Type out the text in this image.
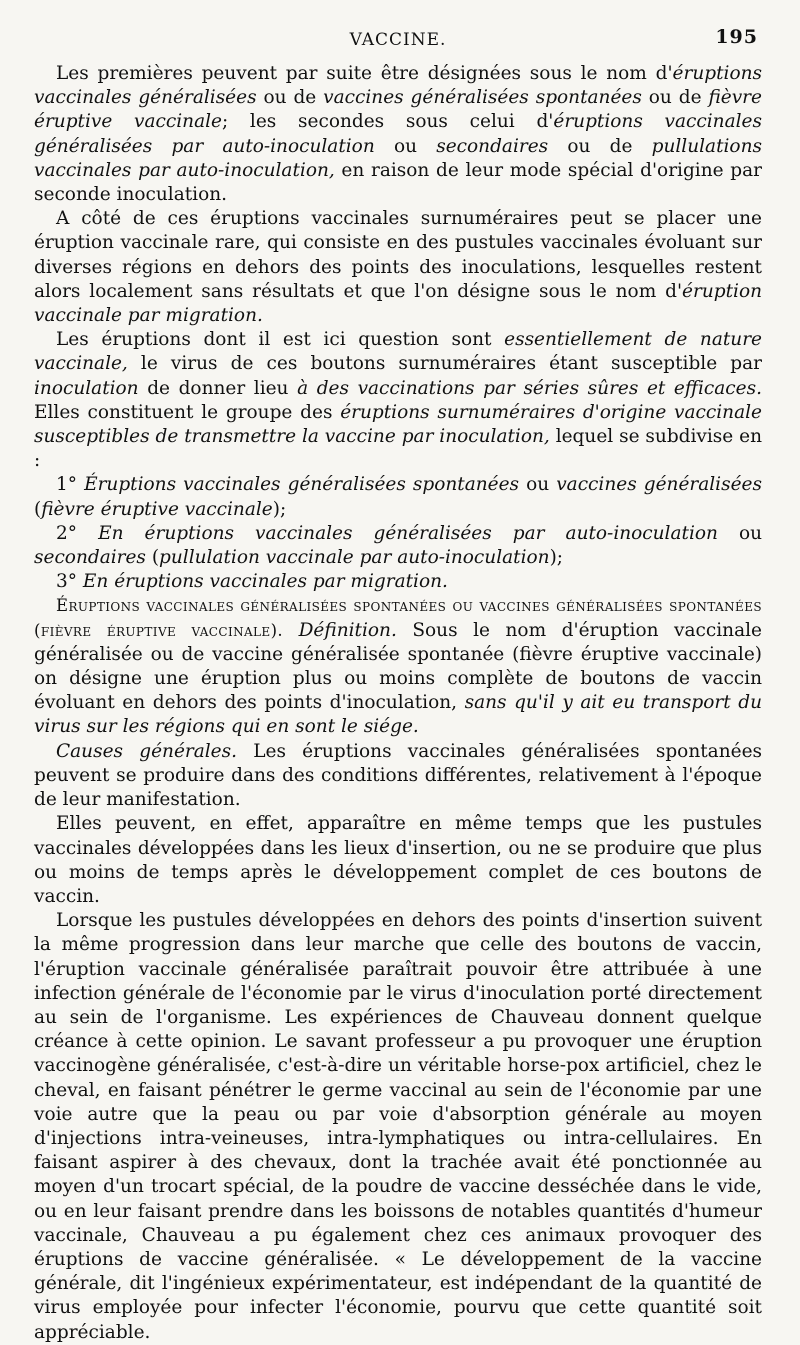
VACCINE.	195

Les premières peuvent par suite être désignées sous le nom d'éruptions vaccinales généralisées ou de vaccines généralisées spontanées ou de fièvre éruptive vaccinale; les secondes sous celui d'éruptions vaccinales généralisées par auto-inoculation ou secondaires ou de pullulations vaccinales par auto-inoculation, en raison de leur mode spécial d'origine par seconde inoculation.

A côté de ces éruptions vaccinales surnuméraires peut se placer une éruption vaccinale rare, qui consiste en des pustules vaccinales évoluant sur diverses régions en dehors des points des inoculations, lesquelles restent alors localement sans résultats et que l'on désigne sous le nom d'éruption vaccinale par migration.

Les éruptions dont il est ici question sont essentiellement de nature vaccinale, le virus de ces boutons surnuméraires étant susceptible par inoculation de donner lieu à des vaccinations par séries sûres et efficaces. Elles constituent le groupe des éruptions surnuméraires d'origine vaccinale susceptibles de transmettre la vaccine par inoculation, lequel se subdivise en :

1° Éruptions vaccinales généralisées spontanées ou vaccines généralisées (fièvre éruptive vaccinale);

2° En éruptions vaccinales généralisées par auto-inoculation ou secondaires (pullulation vaccinale par auto-inoculation);

3° En éruptions vaccinales par migration.

Éruptions vaccinales généralisées spontanées ou vaccines généralisées spontanées (fièvre éruptive vaccinale). Définition. Sous le nom d'éruption vaccinale généralisée ou de vaccine généralisée spontanée (fièvre éruptive vaccinale) on désigne une éruption plus ou moins complète de boutons de vaccin évoluant en dehors des points d'inoculation, sans qu'il y ait eu transport du virus sur les régions qui en sont le siége.

Causes générales. Les éruptions vaccinales généralisées spontanées peuvent se produire dans des conditions différentes, relativement à l'époque de leur manifestation.

Elles peuvent, en effet, apparaître en même temps que les pustules vaccinales développées dans les lieux d'insertion, ou ne se produire que plus ou moins de temps après le développement complet de ces boutons de vaccin.

Lorsque les pustules développées en dehors des points d'insertion suivent la même progression dans leur marche que celle des boutons de vaccin, l'éruption vaccinale généralisée paraîtrait pouvoir être attribuée à une infection générale de l'économie par le virus d'inoculation porté directement au sein de l'organisme. Les expériences de Chauveau donnent quelque créance à cette opinion. Le savant professeur a pu provoquer une éruption vaccinogène généralisée, c'est-à-dire un véritable horse-pox artificiel, chez le cheval, en faisant pénétrer le germe vaccinal au sein de l'économie par une voie autre que la peau ou par voie d'absorption générale au moyen d'injections intra-veineuses, intra-lymphatiques ou intra-cellulaires. En faisant aspirer à des chevaux, dont la trachée avait été ponctionnée au moyen d'un trocart spécial, de la poudre de vaccine desséchée dans le vide, ou en leur faisant prendre dans les boissons de notables quantités d'humeur vaccinale, Chauveau a pu également chez ces animaux provoquer des éruptions de vaccine généralisée. « Le développement de la vaccine générale, dit l'ingénieux expérimentateur, est indépendant de la quantité de virus employée pour infecter l'économie, pourvu que cette quantité soit appréciable.
